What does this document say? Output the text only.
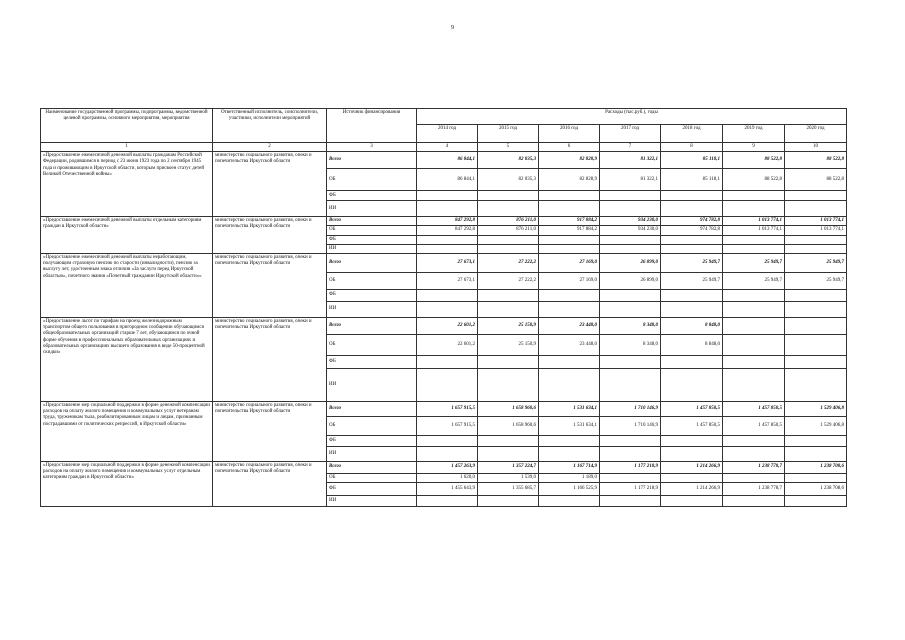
9
Наименование государственной программы, подпрограммы, ведомственной целевой программы, основного мероприятия, мероприятия	Ответственный исполнитель, соисполнители, участники, исполнители мероприятий	Источник финансирования	Расходы (тыс.руб.), годы						
			2014 год	2015 год	2016 год	2017 год	2018 год	2019 год	2020 год
1	2	3	4	5	6	7	8	9	10
«Предоставление ежемесячной денежной выплаты гражданам Российской Федерации, родившимся в период с 23 июня 1923 года по 2 сентября 1945 года и проживающим в Иркутской области, которым присвоен статус детей Великой Отечественной войны»	министерство социального развития, опеки и попечительства Иркутской области	Всего	86 844,1	82 035,3	82 828,9	81 322,1	85 118,1	88 522,8	88 522,8
		ОБ	86 844,1	82 035,3	82 828,9	81 322,1	85 118,1	88 522,8	88 522,8
		ФБ							
		ИИ							
«Предоставление ежемесячной денежной выплаты отдельным категориям граждан в Иркутской области»	министерство социального развития, опеки и попечительства Иркутской области	Всего	847 292,8	876 211,0	917 884,2	934 230,0	974 782,8	1 013 774,1	1 013 774,1
		ОБ	847 292,8	876 211,0	917 884,2	934 230,0	974 782,8	1 013 774,1	1 013 774,1
		ФБ							
		ИИ							
«Предоставление ежемесячной денежной выплаты неработающим, получающим страховую пенсию по старости (инвалидности), пенсию за выслугу лет, удостоенным знака отличия «За заслуги перед Иркутской областью», почетного звания «Почетный гражданин Иркутской области»»	министерство социального развития, опеки и попечительства Иркутской области	Всего	27 673,1	27 222,2	27 169,0	26 899,0	25 949,7	25 949,7	25 949,7
		ОБ	27 673,1	27 222,2	27 169,0	26 899,0	25 949,7	25 949,7	25 949,7
		ФБ							
		ИИ							
«Предоставление льгот по тарифам на проезд железнодорожным транспортом общего пользования в пригородном сообщении обучающимся общеобразовательных организаций старше 7 лет, обучающимся по очной форме обучения в профессиональных образовательных организациях и образовательных организациях высшего образования в виде 50-процентной скидки»	министерство социального развития, опеки и попечительства Иркутской области	Всего	22 601,2	25 150,9	23 448,0	8 348,0	8 848,0		
		ОБ	22 601,2	25 150,9	23 448,0	8 348,0	8 848,0		
		ФБ							
		ИИ							
«Предоставление мер социальной поддержки в форме денежной компенсации расходов на оплату жилого помещения и коммунальных услуг ветеранам труда, труженикам тыла, реабилитированным лицам и лицам, признанным пострадавшими от политических репрессий, в Иркутской области»	министерство социального развития, опеки и попечительства Иркутской области	Всего	1 657 915,5	1 658 960,6	1 531 634,1	1 710 146,9	1 457 850,5	1 457 850,5	1 529 406,8
		ОБ	1 657 915,5	1 658 960,6	1 531 634,1	1 710 146,9	1 457 850,5	1 457 850,5	1 529 406,8
		ФБ							
		ИИ							
«Предоставление мер социальной поддержки в форме денежной компенсации расходов на оплату жилого помещения и коммунальных услуг отдельным категориям граждан в Иркутской области»	министерство социального развития, опеки и попечительства Иркутской области	Всего	1 457 263,9	1 357 224,7	1 167 714,9	1 177 218,9	1 214 266,9	1 238 778,7	1 238 708,6
		ОБ	1 620,0	1 539,0	1 189,0				
		ФБ	1 455 643,9	1 355 685,7	1 166 525,9	1 177 218,9	1 214 266,9	1 238 778,7	1 238 708,6
		ИИ							
